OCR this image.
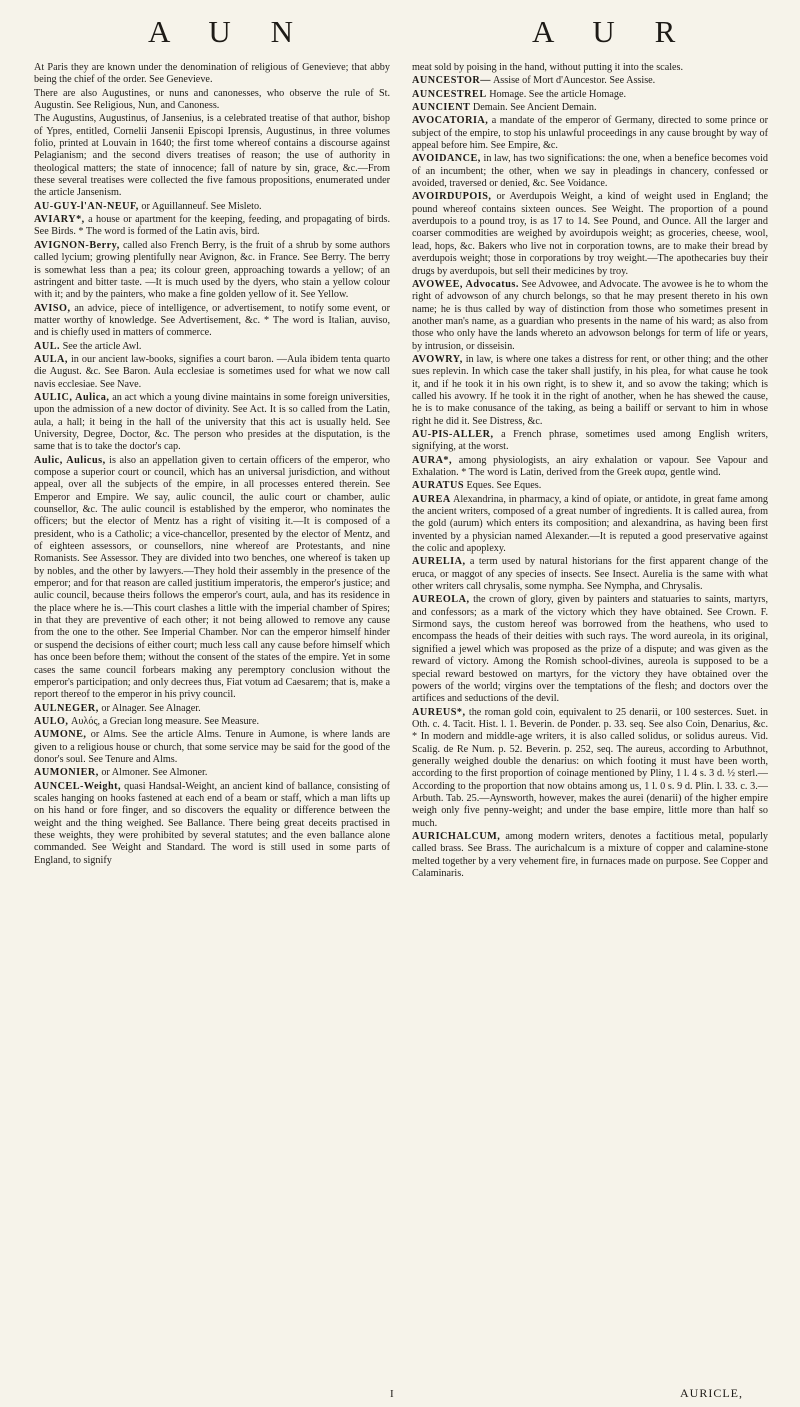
A U N	A U R

At Paris they are known under the denomination of religious of Genevieve; that abby being the chief of the order. See Genevieve.

There are also Augustines, or nuns and canonesses, who observe the rule of St. Augustin. See Religious, Nun, and Canoness.

The Augustins, Augustinus, of Jansenius, is a celebrated treatise of that author, bishop of Ypres, entitled, Cornelii Jansenii Episcopi Iprensis, Augustinus, in three volumes folio, printed at Louvain in 1640; the first tome whereof contains a discourse against Pelagianism; and the second divers treatises of reason; the use of authority in theological matters; the state of innocence; fall of nature by sin, grace, &c.—From these several treatises were collected the five famous propositions, enumerated under the article Jansenism.

AU-GUY-l'AN-NEUF, or Aguillanneuf. See Misleto.

AVIARY*, a house or apartment for the keeping, feeding, and propagating of birds. See Birds. * The word is formed of the Latin avis, bird.

AVIGNON-Berry, called also French Berry, is the fruit of a shrub by some authors called lycium; growing plentifully near Avignon, &c. in France. See Berry. The berry is somewhat less than a pea; its colour green, approaching towards a yellow; of an astringent and bitter taste. —It is much used by the dyers, who stain a yellow colour with it; and by the painters, who make a fine golden yellow of it. See Yellow.

AVISO, an advice, piece of intelligence, or advertisement, to notify some event, or matter worthy of knowledge. See Advertisement, &c. * The word is Italian, auviso, and is chiefly used in matters of commerce.

AUL. See the article Awl.

AULA, in our ancient law-books, signifies a court baron. —Aula ibidem tenta quarto die August. &c. See Baron. Aula ecclesiae is sometimes used for what we now call navis ecclesiae. See Nave.

AULIC, Aulica, an act which a young divine maintains in some foreign universities, upon the admission of a new doctor of divinity. See Act. It is so called from the Latin, aula, a hall; it being in the hall of the university that this act is usually held. See University, Degree, Doctor, &c. The person who presides at the disputation, is the same that is to take the doctor's cap.

Aulic, Aulicus, is also an appellation given to certain officers of the emperor, who compose a superior court or council, which has an universal jurisdiction, and without appeal, over all the subjects of the empire, in all processes entered therein. See Emperor and Empire. We say, aulic council, the aulic court or chamber, aulic counsellor, &c. The aulic council is established by the emperor, who nominates the officers; but the elector of Mentz has a right of visiting it.—It is composed of a president, who is a Catholic; a vice-chancellor, presented by the elector of Mentz, and of eighteen assessors, or counsellors, nine whereof are Protestants, and nine Romanists. See Assessor. They are divided into two benches, one whereof is taken up by nobles, and the other by lawyers.—They hold their assembly in the presence of the emperor; and for that reason are called justitium imperatoris, the emperor's justice; and aulic council, because theirs follows the emperor's court, aula, and has its residence in the place where he is.—This court clashes a little with the imperial chamber of Spires; in that they are preventive of each other; it not being allowed to remove any cause from the one to the other. See Imperial Chamber. Nor can the emperor himself hinder or suspend the decisions of either court; much less call any cause before himself which has once been before them; without the consent of the states of the empire. Yet in some cases the same council forbears making any peremptory conclusion without the emperor's participation; and only decrees thus, Fiat votum ad Caesarem; that is, make a report thereof to the emperor in his privy council.

AULNEGER, or Alnager. See Alnager.

AULO, Αυλός, a Grecian long measure. See Measure.

AUMONE, or Alms. See the article Alms. Tenure in Aumone, is where lands are given to a religious house or church, that some service may be said for the good of the donor's soul. See Tenure and Alms.

AUMONIER, or Almoner. See Almoner.

AUNCEL-Weight, quasi Handsal-Weight, an ancient kind of ballance, consisting of scales hanging on hooks fastened at each end of a beam or staff, which a man lifts up on his hand or fore finger, and so discovers the equality or difference between the weight and the thing weighed. See Ballance. There being great deceits practised in these weights, they were prohibited by several statutes; and the even ballance alone commanded. See Weight and Standard. The word is still used in some parts of England, to signify

meat sold by poising in the hand, without putting it into the scales.

AUNCESTOR— Assise of Mort d'Auncestor. See Assise.

AUNCESTREL Homage. See the article Homage.

AUNCIENT Demain. See Ancient Demain.

AVOCATORIA, a mandate of the emperor of Germany, directed to some prince or subject of the empire, to stop his unlawful proceedings in any cause brought by way of appeal before him. See Empire, &c.

AVOIDANCE, in law, has two significations: the one, when a benefice becomes void of an incumbent; the other, when we say in pleadings in chancery, confessed or avoided, traversed or denied, &c. See Voidance.

AVOIRDUPOIS, or Averdupois Weight, a kind of weight used in England; the pound whereof contains sixteen ounces. See Weight. The proportion of a pound averdupois to a pound troy, is as 17 to 14. See Pound, and Ounce. All the larger and coarser commodities are weighed by avoirdupois weight; as groceries, cheese, wool, lead, hops, &c. Bakers who live not in corporation towns, are to make their bread by averdupois weight; those in corporations by troy weight.—The apothecaries buy their drugs by averdupois, but sell their medicines by troy.

AVOWEE, Advocatus. See Advowee, and Advocate. The avowee is he to whom the right of advowson of any church belongs, so that he may present thereto in his own name; he is thus called by way of distinction from those who sometimes present in another man's name, as a guardian who presents in the name of his ward; as also from those who only have the lands whereto an advowson belongs for term of life or years, by intrusion, or disseisin.

AVOWRY, in law, is where one takes a distress for rent, or other thing; and the other sues replevin. In which case the taker shall justify, in his plea, for what cause he took it, and if he took it in his own right, is to shew it, and so avow the taking; which is called his avowry. If he took it in the right of another, when he has shewed the cause, he is to make conusance of the taking, as being a bailiff or servant to him in whose right he did it. See Distress, &c.

AU-PIS-ALLER, a French phrase, sometimes used among English writers, signifying, at the worst.

AURA*, among physiologists, an airy exhalation or vapour. See Vapour and Exhalation. * The word is Latin, derived from the Greek αυρα, gentle wind.

AURATUS Eques. See Eques.

AUREA Alexandrina, in pharmacy, a kind of opiate, or antidote, in great fame among the ancient writers, composed of a great number of ingredients. It is called aurea, from the gold (aurum) which enters its composition; and alexandrina, as having been first invented by a physician named Alexander.—It is reputed a good preservative against the colic and apoplexy.

AURELIA, a term used by natural historians for the first apparent change of the eruca, or maggot of any species of insects. See Insect. Aurelia is the same with what other writers call chrysalis, some nympha. See Nympha, and Chrysalis.

AUREOLA, the crown of glory, given by painters and statuaries to saints, martyrs, and confessors; as a mark of the victory which they have obtained. See Crown. F. Sirmond says, the custom hereof was borrowed from the heathens, who used to encompass the heads of their deities with such rays. The word aureola, in its original, signified a jewel which was proposed as the prize of a dispute; and was given as the reward of victory. Among the Romish school-divines, aureola is supposed to be a special reward bestowed on martyrs, for the victory they have obtained over the powers of the world; virgins over the temptations of the flesh; and doctors over the artifices and seductions of the devil.

AUREUS*, the roman gold coin, equivalent to 25 denarii, or 100 sesterces. Suet. in Oth. c. 4. Tacit. Hist. l. 1. Beverin. de Ponder. p. 33. seq. See also Coin, Denarius, &c. * In modern and middle-age writers, it is also called solidus, or solidus aureus. Vid. Scalig. de Re Num. p. 52. Beverin. p. 252, seq. The aureus, according to Arbuthnot, generally weighed double the denarius: on which footing it must have been worth, according to the first proportion of coinage mentioned by Pliny, 1 l. 4 s. 3 d. ½ sterl.—According to the proportion that now obtains among us, 1 l. 0 s. 9 d. Plin. l. 33. c. 3.—Arbuth. Tab. 25.—Aynsworth, however, makes the aurei (denarii) of the higher empire weigh only five penny-weight; and under the base empire, little more than half so much.

AURICHALCUM, among modern writers, denotes a factitious metal, popularly called brass. See Brass. The aurichalcum is a mixture of copper and calamine-stone melted together by a very vehement fire, in furnaces made on purpose. See Copper and Calaminaris.

I	AURICLE,
